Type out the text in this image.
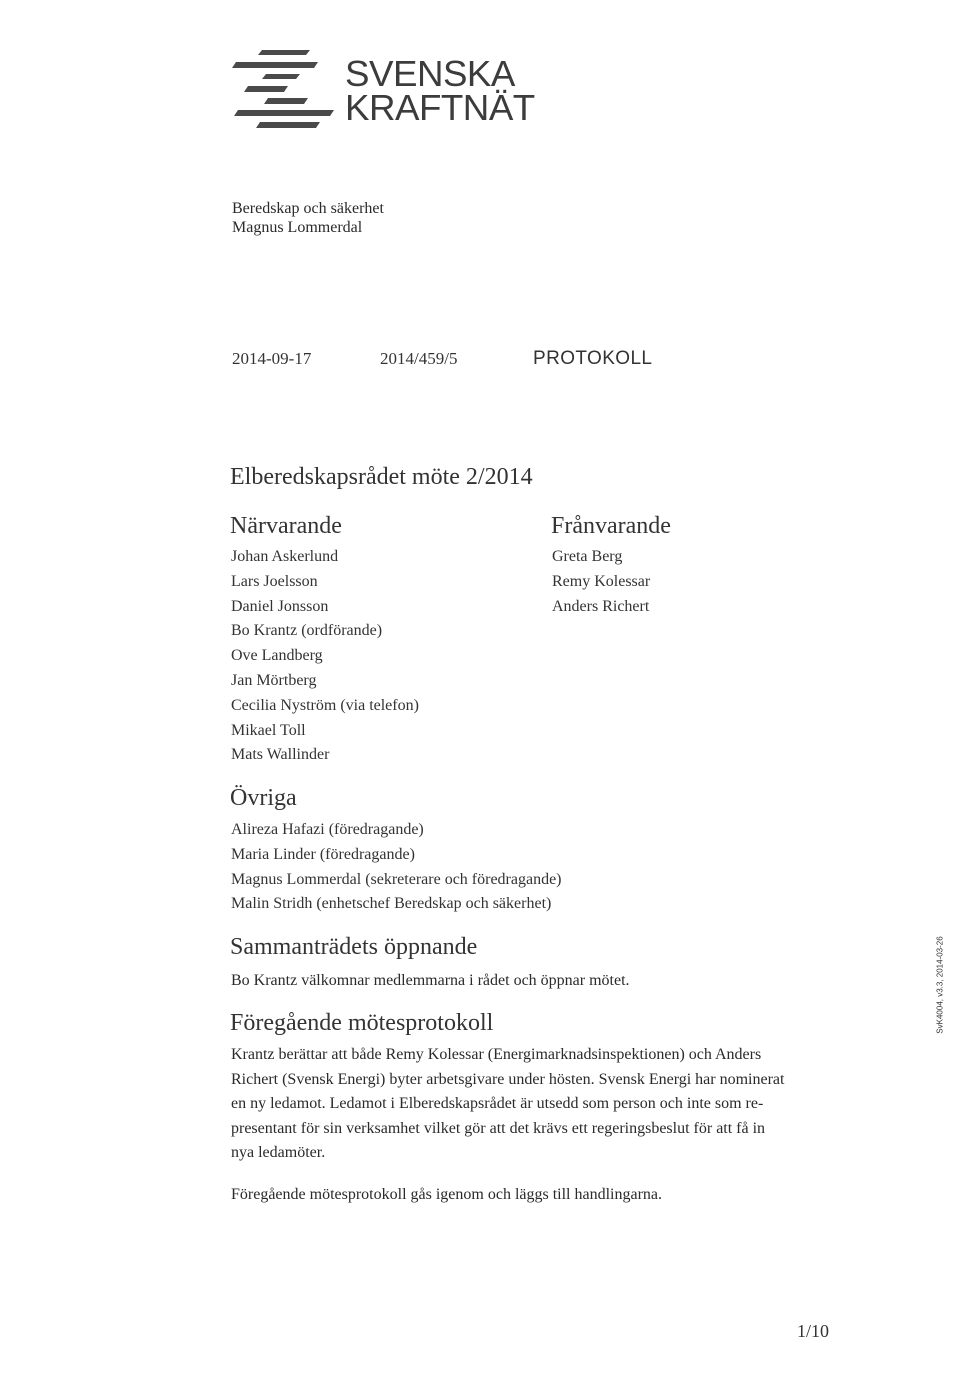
SVENSKA
KRAFTNÄT
Beredskap och säkerhet
Magnus Lommerdal
2014-09-17	2014/459/5	PROTOKOLL
Elberedskapsrådet möte 2/2014
Närvarande
Johan Askerlund
Lars Joelsson
Daniel Jonsson
Bo Krantz (ordförande)
Ove Landberg
Jan Mörtberg
Cecilia Nyström (via telefon)
Mikael Toll
Mats Wallinder
Frånvarande
Greta Berg
Remy Kolessar
Anders Richert
Övriga
Alireza Hafazi (föredragande)
Maria Linder (föredragande)
Magnus Lommerdal (sekreterare och föredragande)
Malin Stridh (enhetschef Beredskap och säkerhet)
Sammanträdets öppnande
Bo Krantz välkomnar medlemmarna i rådet och öppnar mötet.
Föregående mötesprotokoll
Krantz berättar att både Remy Kolessar (Energimarknadsinspektionen) och Anders
Richert (Svensk Energi) byter arbetsgivare under hösten. Svensk Energi har nominerat
en ny ledamot. Ledamot i Elberedskapsrådet är utsedd som person och inte som re-
presentant för sin verksamhet vilket gör att det krävs ett regeringsbeslut för att få in
nya ledamöter.
Föregående mötesprotokoll gås igenom och läggs till handlingarna.
SvK4004, v3.3, 2014-03-26
1/10
